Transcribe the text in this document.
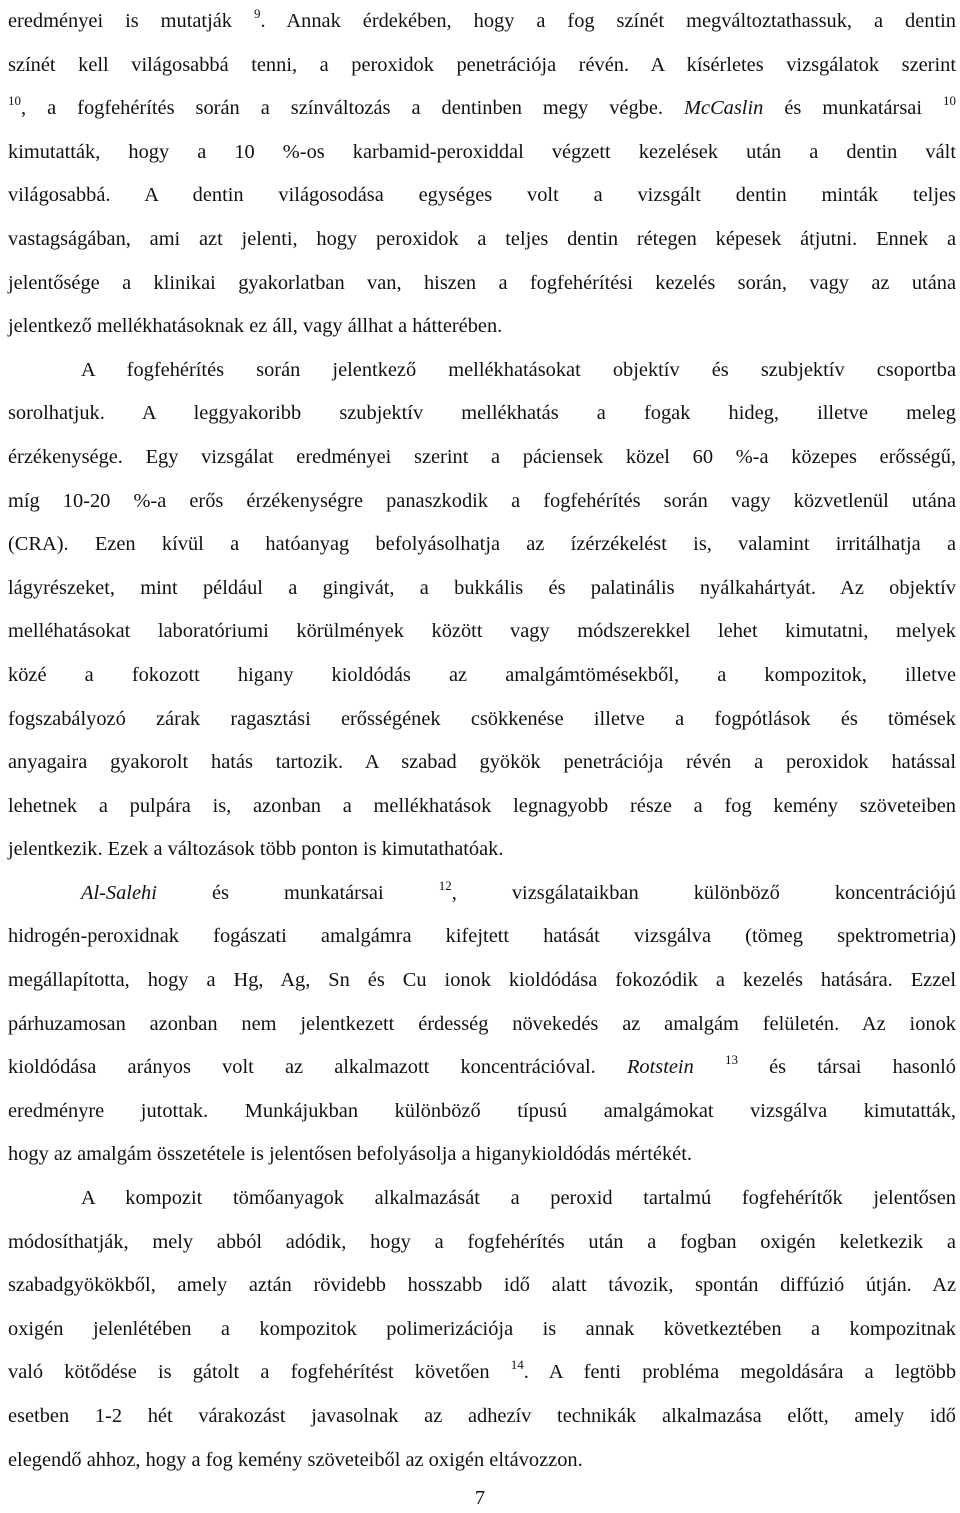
eredményei is mutatják $^9$. Annak érdekében, hogy a fog színét megváltoztathassuk, a dentin
színét kell világosabbá tenni, a peroxidok penetrációja révén. A kísérletes vizsgálatok szerint
$^{10}$, a fogfehérítés során a színváltozás a dentinben megy végbe. McCaslin és munkatársai $^{10}$
kimutatták, hogy a 10 %-os karbamid-peroxiddal végzett kezelések után a dentin vált
világosabbá. A dentin világosodása egységes volt a vizsgált dentin minták teljes
vastagságában, ami azt jelenti, hogy peroxidok a teljes dentin rétegen képesek átjutni. Ennek a
jelentősége a klinikai gyakorlatban van, hiszen a fogfehérítési kezelés során, vagy az utána
jelentkező mellékhatásoknak ez áll, vagy állhat a hátterében.

A fogfehérítés során jelentkező mellékhatásokat objektív és szubjektív csoportba
sorolhatjuk. A leggyakoribb szubjektív mellékhatás a fogak hideg, illetve meleg
érzékenysége. Egy vizsgálat eredményei szerint a páciensek közel 60 %-a közepes erősségű,
míg 10-20 %-a erős érzékenységre panaszkodik a fogfehérítés során vagy közvetlenül utána
(CRA). Ezen kívül a hatóanyag befolyásolhatja az ízérzékelést is, valamint irritálhatja a
lágyrészeket, mint például a gingivát, a bukkális és palatinális nyálkahártyát. Az objektív
melléhatásokat laboratóriumi körülmények között vagy módszerekkel lehet kimutatni, melyek
közé a fokozott higany kioldódás az amalgámtömésekből, a kompozitok, illetve
fogszabályozó zárak ragasztási erősségének csökkenése illetve a fogpótlások és tömések
anyagaira gyakorolt hatás tartozik. A szabad gyökök penetrációja révén a peroxidok hatással
lehetnek a pulpára is, azonban a mellékhatások legnagyobb része a fog kemény szöveteiben
jelentkezik. Ezek a változások több ponton is kimutathatóak.

Al-Salehi és munkatársai $^{12}$, vizsgálataikban különböző koncentrációjú
hidrogén-peroxidnak fogászati amalgámra kifejtett hatását vizsgálva (tömeg spektrometria)
megállapította, hogy a Hg, Ag, Sn és Cu ionok kioldódása fokozódik a kezelés hatására. Ezzel
párhuzamosan azonban nem jelentkezett érdesség növekedés az amalgám felületén. Az ionok
kioldódása arányos volt az alkalmazott koncentrációval. Rotstein $^{13}$ és társai hasonló
eredményre jutottak. Munkájukban különböző típusú amalgámokat vizsgálva kimutatták,
hogy az amalgám összetétele is jelentősen befolyásolja a higanykioldódás mértékét.

A kompozit tömőanyagok alkalmazását a peroxid tartalmú fogfehérítők jelentősen
módosíthatják, mely abból adódik, hogy a fogfehérítés után a fogban oxigén keletkezik a
szabadgyökökből, amely aztán rövidebb hosszabb idő alatt távozik, spontán diffúzió útján. Az
oxigén jelenlétében a kompozitok polimerizációja is annak következtében a kompozitnak
való kötődése is gátolt a fogfehérítést követően $^{14}$. A fenti probléma megoldására a legtöbb
esetben 1-2 hét várakozást javasolnak az adhezív technikák alkalmazása előtt, amely idő
elegendő ahhoz, hogy a fog kemény szöveteiből az oxigén eltávozzon.

7
